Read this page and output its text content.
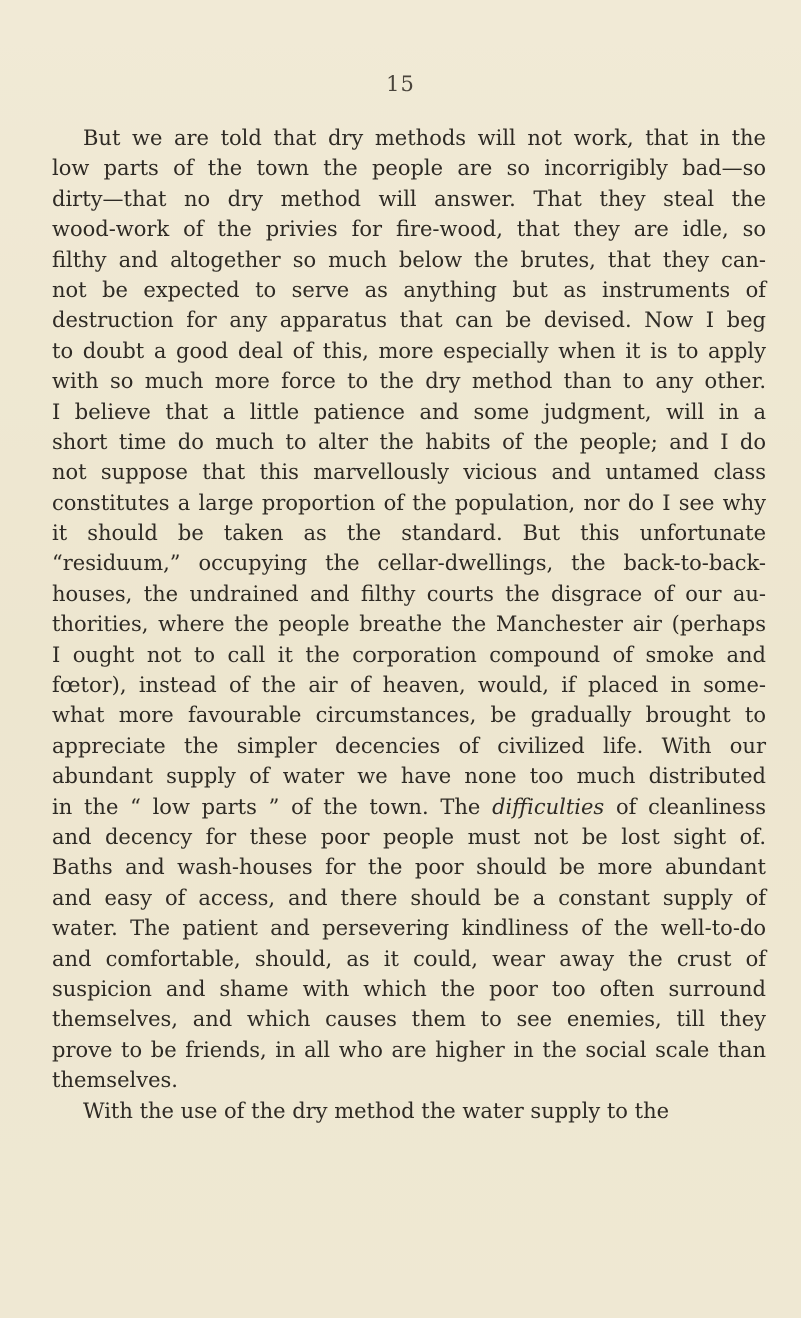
15
But we are told that dry methods will not work, that in the
low parts of the town the people are so incorrigibly bad—so
dirty—that no dry method will answer. That they steal the
wood-work of the privies for fire-wood, that they are idle, so
filthy and altogether so much below the brutes, that they can-
not be expected to serve as anything but as instruments of
destruction for any apparatus that can be devised. Now I beg
to doubt a good deal of this, more especially when it is to apply
with so much more force to the dry method than to any other.
I believe that a little patience and some judgment, will in a
short time do much to alter the habits of the people; and I do
not suppose that this marvellously vicious and untamed class
constitutes a large proportion of the population, nor do I see why
it should be taken as the standard. But this unfortunate
“residuum,” occupying the cellar-dwellings, the back-to-back-
houses, the undrained and filthy courts the disgrace of our au-
thorities, where the people breathe the Manchester air (perhaps
I ought not to call it the corporation compound of smoke and
fœtor), instead of the air of heaven, would, if placed in some-
what more favourable circumstances, be gradually brought to
appreciate the simpler decencies of civilized life. With our
abundant supply of water we have none too much distributed
in the “ low parts ” of the town. The difficulties of cleanliness
and decency for these poor people must not be lost sight of.
Baths and wash-houses for the poor should be more abundant
and easy of access, and there should be a constant supply of
water. The patient and persevering kindliness of the well-to-do
and comfortable, should, as it could, wear away the crust of
suspicion and shame with which the poor too often surround
themselves, and which causes them to see enemies, till they
prove to be friends, in all who are higher in the social scale than
themselves.
With the use of the dry method the water supply to the
